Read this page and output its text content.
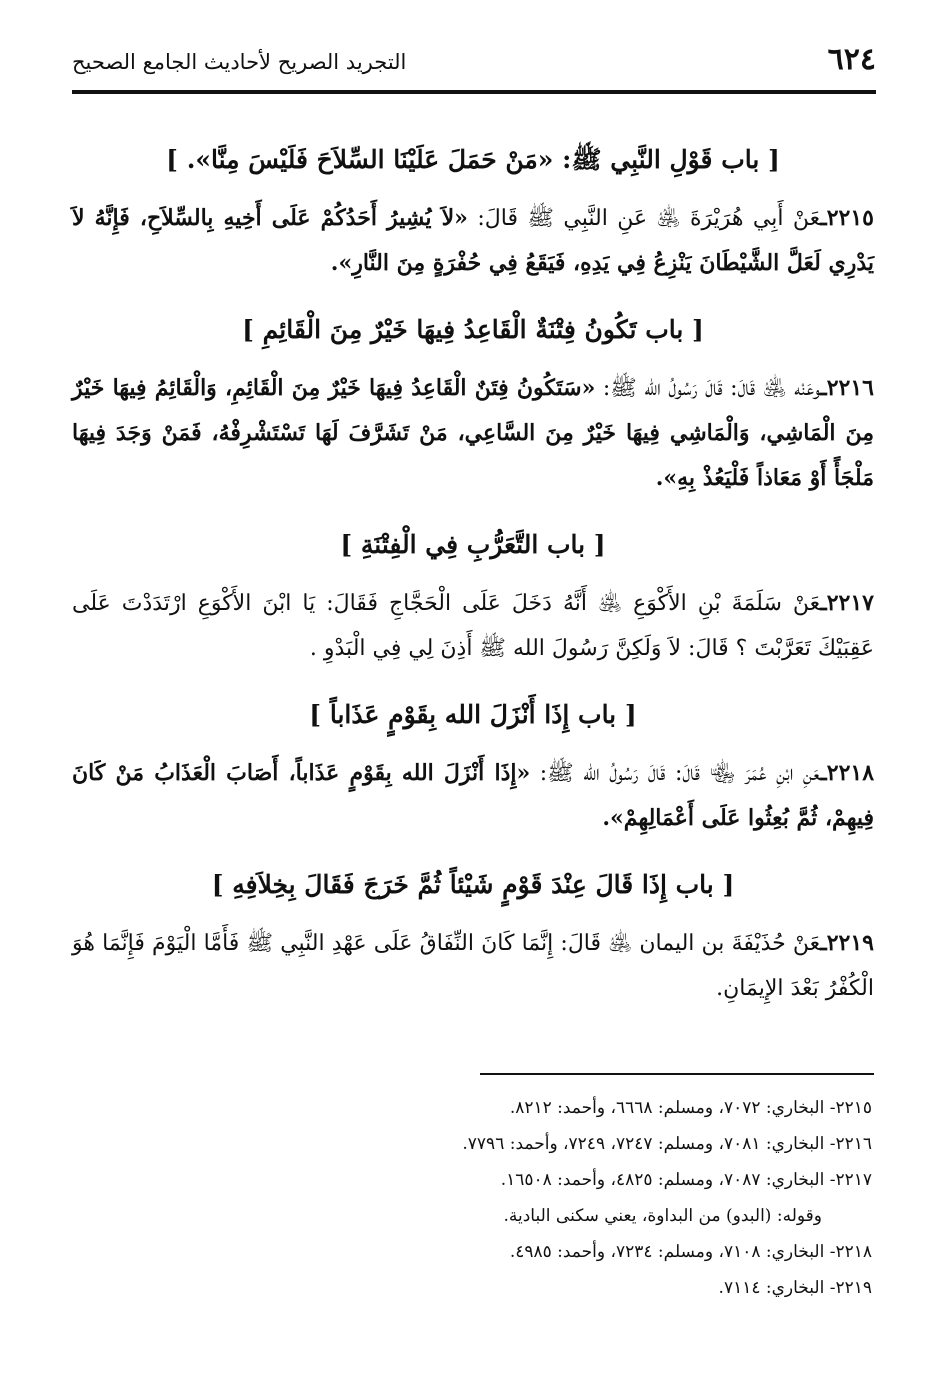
٦٢٤
التجريد الصريح لأحاديث الجامع الصحيح
[ باب قَوْلِ النَّبِي ﷺ: «مَنْ حَمَلَ عَلَيْنَا السِّلاَحَ فَلَيْسَ مِنَّا». ]

٢٢١٥ـعَنْ أَبِي هُرَيْرَةَ ﵁ عَنِ النَّبِي ﷺ قَالَ: «لاَ يُشِيرُ أَحَدُكُمْ عَلَى أَخِيهِ بِالسِّلاَحِ، فَإِنَّهُ لاَ يَدْرِي لَعَلَّ الشَّيْطَانَ يَنْزِعُ فِي يَدِهِ، فَيَقَعُ فِي حُفْرَةٍ مِنَ النَّارِ».

[ باب تَكُونُ فِتْنَةٌ الْقَاعِدُ فِيهَا خَيْرٌ مِنَ الْقَائِمِ ]

٢٢١٦ـوعَنْه ﵁ قَالَ: قَالَ رَسُولُ الله ﷺ: «سَتَكُونُ فِتَنٌ الْقَاعِدُ فِيهَا خَيْرٌ مِنَ الْقَائِمِ، وَالْقَائِمُ فِيهَا خَيْرٌ مِنَ الْمَاشِي، وَالْمَاشِي فِيهَا خَيْرٌ مِنَ السَّاعِي، مَنْ تَشَرَّفَ لَهَا تَسْتَشْرِفْهُ، فَمَنْ وَجَدَ فِيهَا مَلْجَأً أَوْ مَعَاذاً فَلْيَعُذْ بِهِ».

[ باب التَّعَرُّبِ فِي الْفِتْنَةِ ]

٢٢١٧ـعَنْ سَلَمَةَ بْنِ الأَكْوَعِ ﵁ أَنَّهُ دَخَلَ عَلَى الْحَجَّاجِ فَقَالَ: يَا ابْنَ الأَكْوَعِ ارْتَدَدْتَ عَلَى عَقِبَيْكَ تَعَرَّبْتَ ؟ قَالَ: لاَ وَلَكِنَّ رَسُولَ الله ﷺ أَذِنَ لِي فِي الْبَدْوِ .

[ باب إِذَا أَنْزَلَ الله بِقَوْمٍ عَذَاباً ]

٢٢١٨ـعَنِ ابْنِ عُمَرَ ﵄ قَالَ: قَالَ رَسُولُ الله ﷺ: «إِذَا أَنْزَلَ الله بِقَوْمٍ عَذَاباً، أَصَابَ الْعَذَابُ مَنْ كَانَ فِيهِمْ، ثُمَّ بُعِثُوا عَلَى أَعْمَالِهِمْ».

[ باب إِذَا قَالَ عِنْدَ قَوْمٍ شَيْئاً ثُمَّ خَرَجَ فَقَالَ بِخِلاَفِهِ ]

٢٢١٩ـعَنْ حُذَيْفَةَ بن اليمان ﵁ قَالَ: إِنَّمَا كَانَ النِّفَاقُ عَلَى عَهْدِ النَّبِي ﷺ فَأَمَّا الْيَوْمَ فَإِنَّمَا هُوَ الْكُفْرُ بَعْدَ الإِيمَانِ.

٢٢١٥- البخاري: ٧٠٧٢، ومسلم: ٦٦٦٨، وأحمد: ٨٢١٢.

٢٢١٦- البخاري: ٧٠٨١، ومسلم: ٧٢٤٧، ٧٢٤٩، وأحمد: ٧٧٩٦.

٢٢١٧- البخاري: ٧٠٨٧، ومسلم: ٤٨٢٥، وأحمد: ١٦٥٠٨.

وقوله: (البدو) من البداوة، يعني سكنى البادية.

٢٢١٨- البخاري: ٧١٠٨، ومسلم: ٧٢٣٤، وأحمد: ٤٩٨٥.

٢٢١٩- البخاري: ٧١١٤.
